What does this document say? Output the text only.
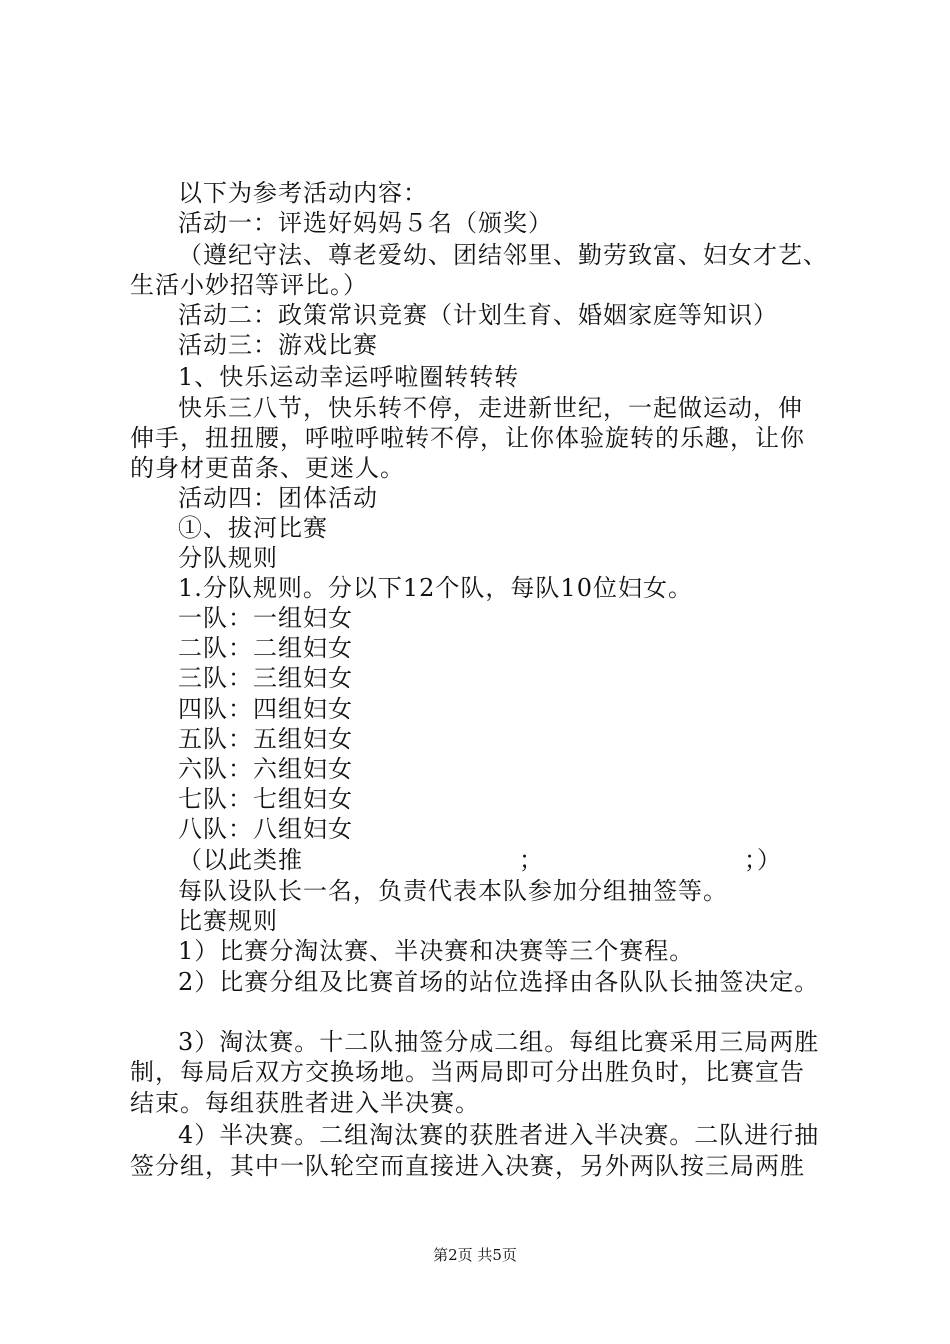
以下为参考活动内容：
活动一：评选好妈妈５名（颁奖）
（遵纪守法、尊老爱幼、团结邻里、勤劳致富、妇女才艺、
生活小妙招等评比。）
活动二：政策常识竞赛（计划生育、婚姻家庭等知识）
活动三：游戏比赛
1、快乐运动幸运呼啦圈转转转
快乐三八节，快乐转不停，走进新世纪，一起做运动，伸
伸手，扭扭腰，呼啦呼啦转不停，让你体验旋转的乐趣，让你
的身材更苗条、更迷人。
活动四：团体活动
①、拔河比赛
分队规则
1.分队规则。分以下12个队，每队10位妇女。
一队：一组妇女
二队：二组妇女
三队：三组妇女
四队：四组妇女
五队：五组妇女
六队：六组妇女
七队：七组妇女
八队：八组妇女
（以此类推	；	；）
每队设队长一名，负责代表本队参加分组抽签等。
比赛规则
1）比赛分淘汰赛、半决赛和决赛等三个赛程。
2）比赛分组及比赛首场的站位选择由各队队长抽签决定。
3）淘汰赛。十二队抽签分成二组。每组比赛采用三局两胜
制，每局后双方交换场地。当两局即可分出胜负时，比赛宣告
结束。每组获胜者进入半决赛。
4）半决赛。二组淘汰赛的获胜者进入半决赛。二队进行抽
签分组，其中一队轮空而直接进入决赛，另外两队按三局两胜
第2页 共5页
